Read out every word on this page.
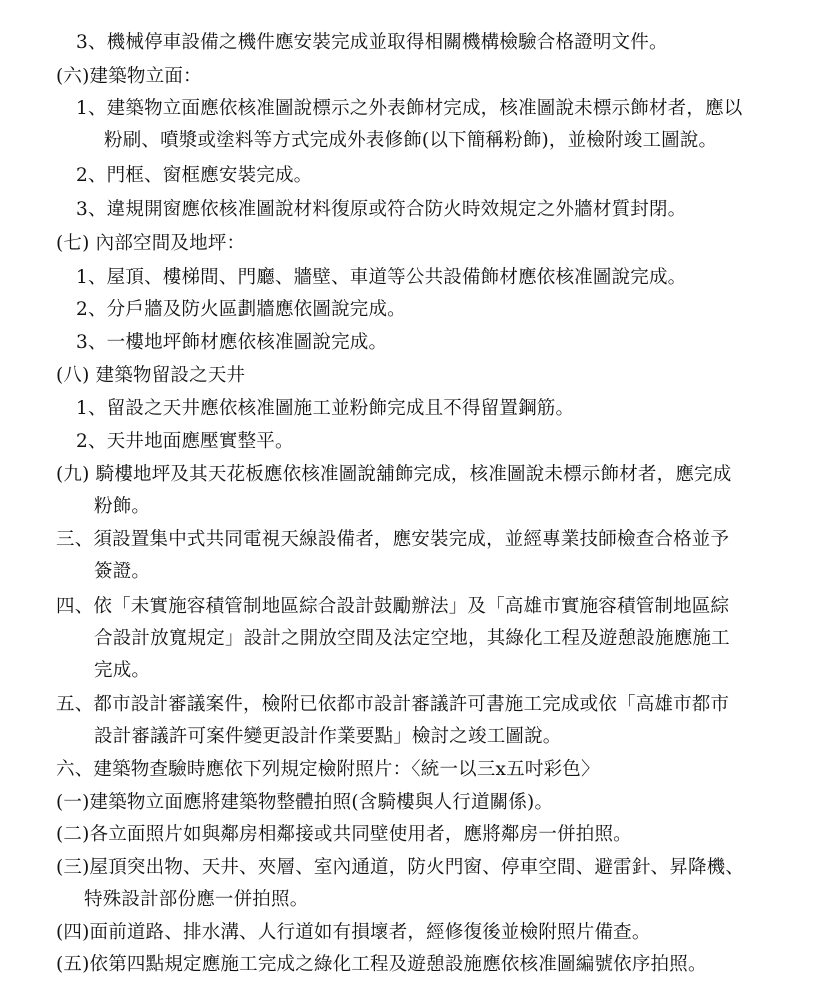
3、機械停車設備之機件應安裝完成並取得相關機構檢驗合格證明文件。
(六)建築物立面：
1、建築物立面應依核准圖說標示之外表飾材完成，核准圖說未標示飾材者，應以
粉刷、噴漿或塗料等方式完成外表修飾(以下簡稱粉飾)，並檢附竣工圖說。
2、門框、窗框應安裝完成。
3、違規開窗應依核准圖說材料復原或符合防火時效規定之外牆材質封閉。
(七) 內部空間及地坪：
1、屋頂、樓梯間、門廳、牆壁、車道等公共設備飾材應依核准圖說完成。
2、分戶牆及防火區劃牆應依圖說完成。
3、一樓地坪飾材應依核准圖說完成。
(八) 建築物留設之天井
1、留設之天井應依核准圖施工並粉飾完成且不得留置鋼筋。
2、天井地面應壓實整平。
(九) 騎樓地坪及其天花板應依核准圖說舖飾完成，核准圖說未標示飾材者，應完成
粉飾。
三、須設置集中式共同電視天線設備者，應安裝完成，並經專業技師檢查合格並予
簽證。
四、依「未實施容積管制地區綜合設計鼓勵辦法」及「高雄市實施容積管制地區綜
合設計放寬規定」設計之開放空間及法定空地，其綠化工程及遊憩設施應施工
完成。
五、都市設計審議案件，檢附已依都市設計審議許可書施工完成或依「高雄市都市
設計審議許可案件變更設計作業要點」檢討之竣工圖說。
六、建築物查驗時應依下列規定檢附照片：〈統一以三x五吋彩色〉
(一)建築物立面應將建築物整體拍照(含騎樓與人行道關係)。
(二)各立面照片如與鄰房相鄰接或共同壁使用者，應將鄰房一併拍照。
(三)屋頂突出物、天井、夾層、室內通道，防火門窗、停車空間、避雷針、昇降機、
特殊設計部份應一併拍照。
(四)面前道路、排水溝、人行道如有損壞者，經修復後並檢附照片備查。
(五)依第四點規定應施工完成之綠化工程及遊憩設施應依核准圖編號依序拍照。
